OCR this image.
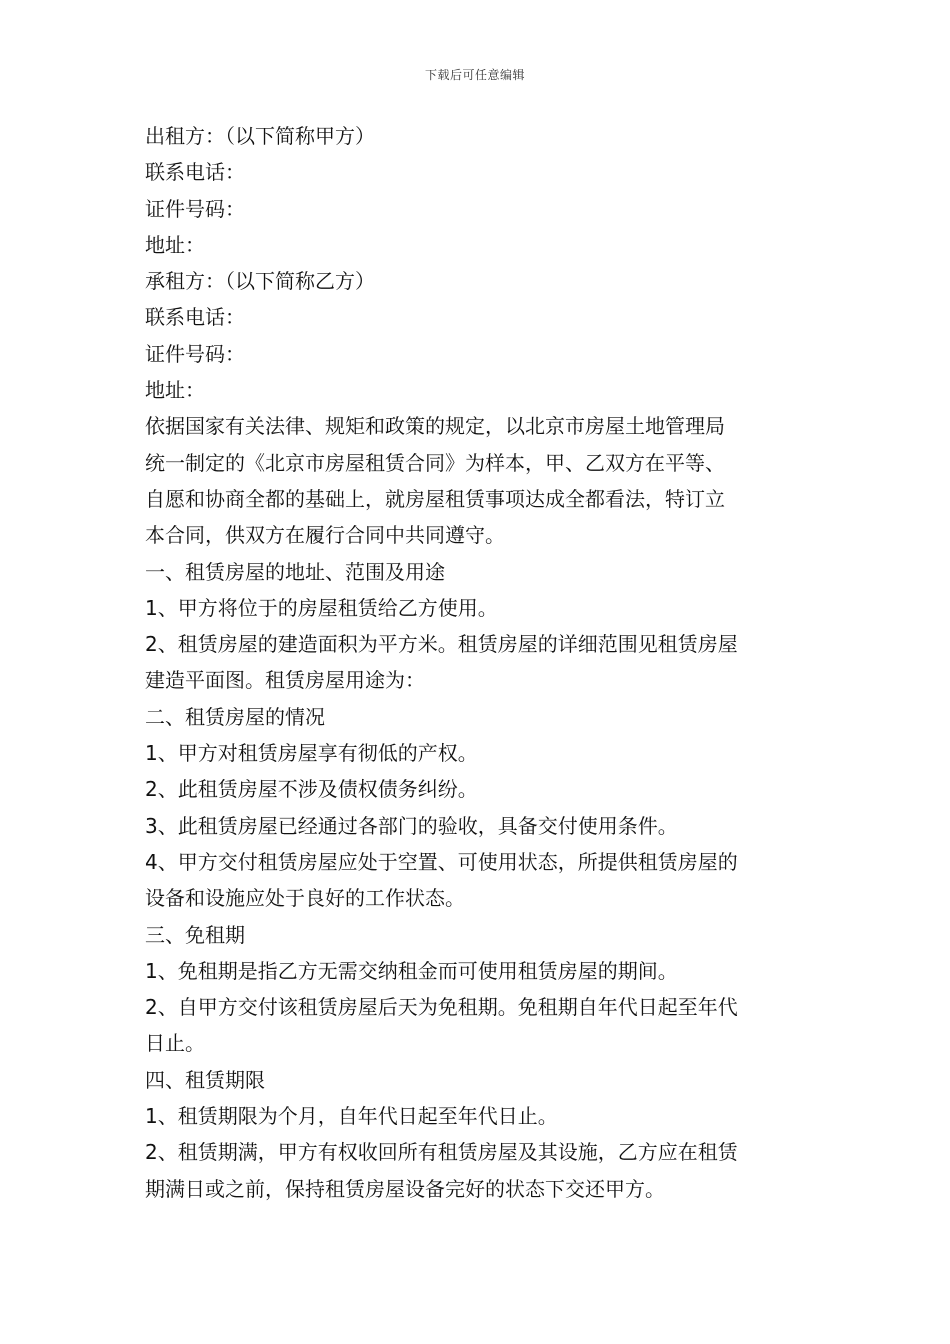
下载后可任意编辑
出租方：（以下简称甲方）
联系电话：
证件号码：
地址：
承租方：（以下简称乙方）
联系电话：
证件号码：
地址：
依据国家有关法律、规矩和政策的规定，以北京市房屋土地管理局
统一制定的《北京市房屋租赁合同》为样本，甲、乙双方在平等、
自愿和协商全都的基础上，就房屋租赁事项达成全都看法，特订立
本合同，供双方在履行合同中共同遵守。
一、租赁房屋的地址、范围及用途
1、甲方将位于的房屋租赁给乙方使用。
2、租赁房屋的建造面积为平方米。租赁房屋的详细范围见租赁房屋
建造平面图。租赁房屋用途为：
二、租赁房屋的情况
1、甲方对租赁房屋享有彻低的产权。
2、此租赁房屋不涉及债权债务纠纷。
3、此租赁房屋已经通过各部门的验收，具备交付使用条件。
4、甲方交付租赁房屋应处于空置、可使用状态，所提供租赁房屋的
设备和设施应处于良好的工作状态。
三、免租期
1、免租期是指乙方无需交纳租金而可使用租赁房屋的期间。
2、自甲方交付该租赁房屋后天为免租期。免租期自年代日起至年代
日止。
四、租赁期限
1、租赁期限为个月，自年代日起至年代日止。
2、租赁期满，甲方有权收回所有租赁房屋及其设施，乙方应在租赁
期满日或之前，保持租赁房屋设备完好的状态下交还甲方。
